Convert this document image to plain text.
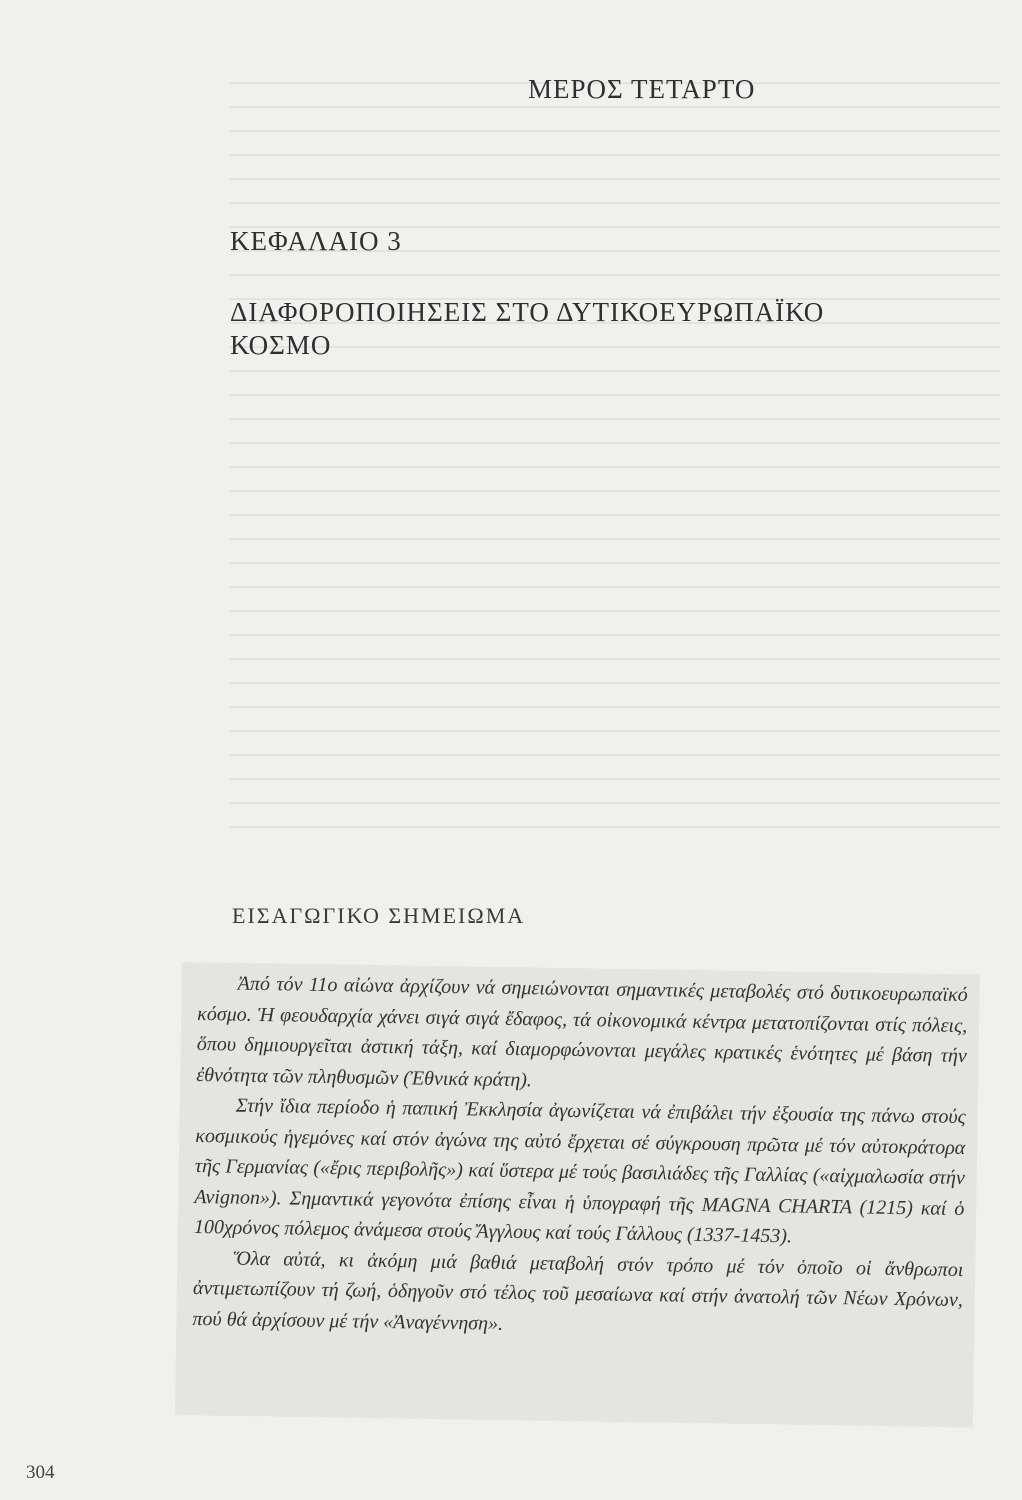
ΜΕΡΟΣ ΤΕΤΑΡΤΟ
ΚΕΦΑΛΑΙΟ 3
ΔΙΑΦΟΡΟΠΟΙΗΣΕΙΣ ΣΤΟ ΔΥΤΙΚΟΕΥΡΩΠΑΪΚΟ
ΚΟΣΜΟ
ΕΙΣΑΓΩΓΙΚΟ ΣΗΜΕΙΩΜΑ

Ἀπό τόν 11ο αἰώνα ἀρχίζουν νά σημειώνονται σημαντικές μεταβολές στό δυτικοευρωπαϊκό κόσμο. Ἡ φεουδαρχία χάνει σιγά σιγά ἔδαφος, τά οἰκονομικά κέντρα μετατοπίζονται στίς πόλεις, ὅπου δημιουργεῖται ἀστική τάξη, καί διαμορφώνονται μεγάλες κρατικές ἑνότητες μέ βάση τήν ἐθνότητα τῶν πληθυσμῶν (Ἐθνικά κράτη).

Στήν ἴδια περίοδο ἡ παπική Ἐκκλησία ἀγωνίζεται νά ἐπιβάλει τήν ἐξουσία της πάνω στούς κοσμικούς ἡγεμόνες καί στόν ἀγώνα της αὐτό ἔρχεται σέ σύγκρουση πρῶτα μέ τόν αὐτοκράτορα τῆς Γερμανίας («ἔρις περιβολῆς») καί ὕστερα μέ τούς βασιλιάδες τῆς Γαλλίας («αἰχμαλωσία στήν Avignon»). Σημαντικά γεγονότα ἐπίσης εἶναι ἡ ὑπογραφή τῆς MAGNA CHARTA (1215) καί ὁ 100χρόνος πόλεμος ἀνάμεσα στούς Ἄγγλους καί τούς Γάλλους (1337-1453).

Ὅλα αὐτά, κι ἀκόμη μιά βαθιά μεταβολή στόν τρόπο μέ τόν ὁποῖο οἱ ἄνθρωποι ἀντιμετωπίζουν τή ζωή, ὁδηγοῦν στό τέλος τοῦ μεσαίωνα καί στήν ἀνατολή τῶν Νέων Χρόνων, πού θά ἀρχίσουν μέ τήν «Ἀναγέννηση».

304
